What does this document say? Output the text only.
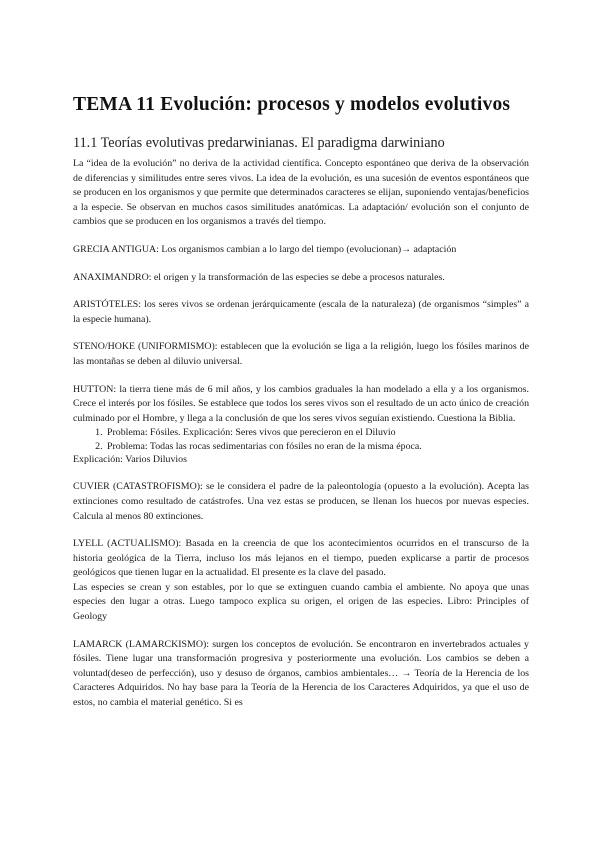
TEMA 11 Evolución: procesos y modelos evolutivos
11.1 Teorías evolutivas predarwinianas. El paradigma darwiniano

La “idea de la evolución” no deriva de la actividad científica. Concepto espontáneo que deriva de la observación de diferencias y similitudes entre seres vivos. La idea de la evolución, es una sucesión de eventos espontáneos que se producen en los organismos y que permite que determinados caracteres se elijan, suponiendo ventajas/beneficios a la especie. Se observan en muchos casos similitudes anatómicas. La adaptación/ evolución son el conjunto de cambios que se producen en los organismos a través del tiempo.

GRECIA ANTIGUA: Los organismos cambian a lo largo del tiempo (evolucionan)→ adaptación

ANAXIMANDRO: el origen y la transformación de las especies se debe a procesos naturales.

ARISTÓTELES: los seres vivos se ordenan jerárquicamente (escala de la naturaleza) (de organismos “simples” a la especie humana).

STENO/HOKE (UNIFORMISMO): establecen que la evolución se liga a la religión, luego los fósiles marinos de las montañas se deben al diluvio universal.

HUTTON: la tierra tiene más de 6 mil años, y los cambios graduales la han modelado a ella y a los organismos. Crece el interés por los fósiles. Se establece que todos los seres vivos son el resultado de un acto único de creación culminado por el Hombre, y llega a la conclusión de que los seres vivos seguían existiendo. Cuestiona la Biblia.

1. Problema: Fósiles. Explicación: Seres vivos que perecieron en el Diluvio
2. Problema: Todas las rocas sedimentarias con fósiles no eran de la misma época.

Explicación: Varios Diluvios

CUVIER (CATASTROFISMO): se le considera el padre de la paleontología (opuesto a la evolución). Acepta las extinciones como resultado de catástrofes. Una vez estas se producen, se llenan los huecos por nuevas especies. Calcula al menos 80 extinciones.

LYELL (ACTUALISMO): Basada en la creencia de que los acontecimientos ocurridos en el transcurso de la historia geológica de la Tierra, incluso los más lejanos en el tiempo, pueden explicarse a partir de procesos geológicos que tienen lugar en la actualidad. El presente es la clave del pasado.

Las especies se crean y son estables, por lo que se extinguen cuando cambia el ambiente. No apoya que unas especies den lugar a otras. Luego tampoco explica su origen, el origen de las especies. Libro: Principles of Geology

LAMARCK (LAMARCKISMO): surgen los conceptos de evolución. Se encontraron en invertebrados actuales y fósiles. Tiene lugar una transformación progresiva y posteriormente una evolución. Los cambios se deben a voluntad(deseo de perfección), uso y desuso de órganos, cambios ambientales… → Teoría de la Herencia de los Caracteres Adquiridos. No hay base para la Teoría de la Herencia de los Caracteres Adquiridos, ya que el uso de estos, no cambia el material genético. Si es
